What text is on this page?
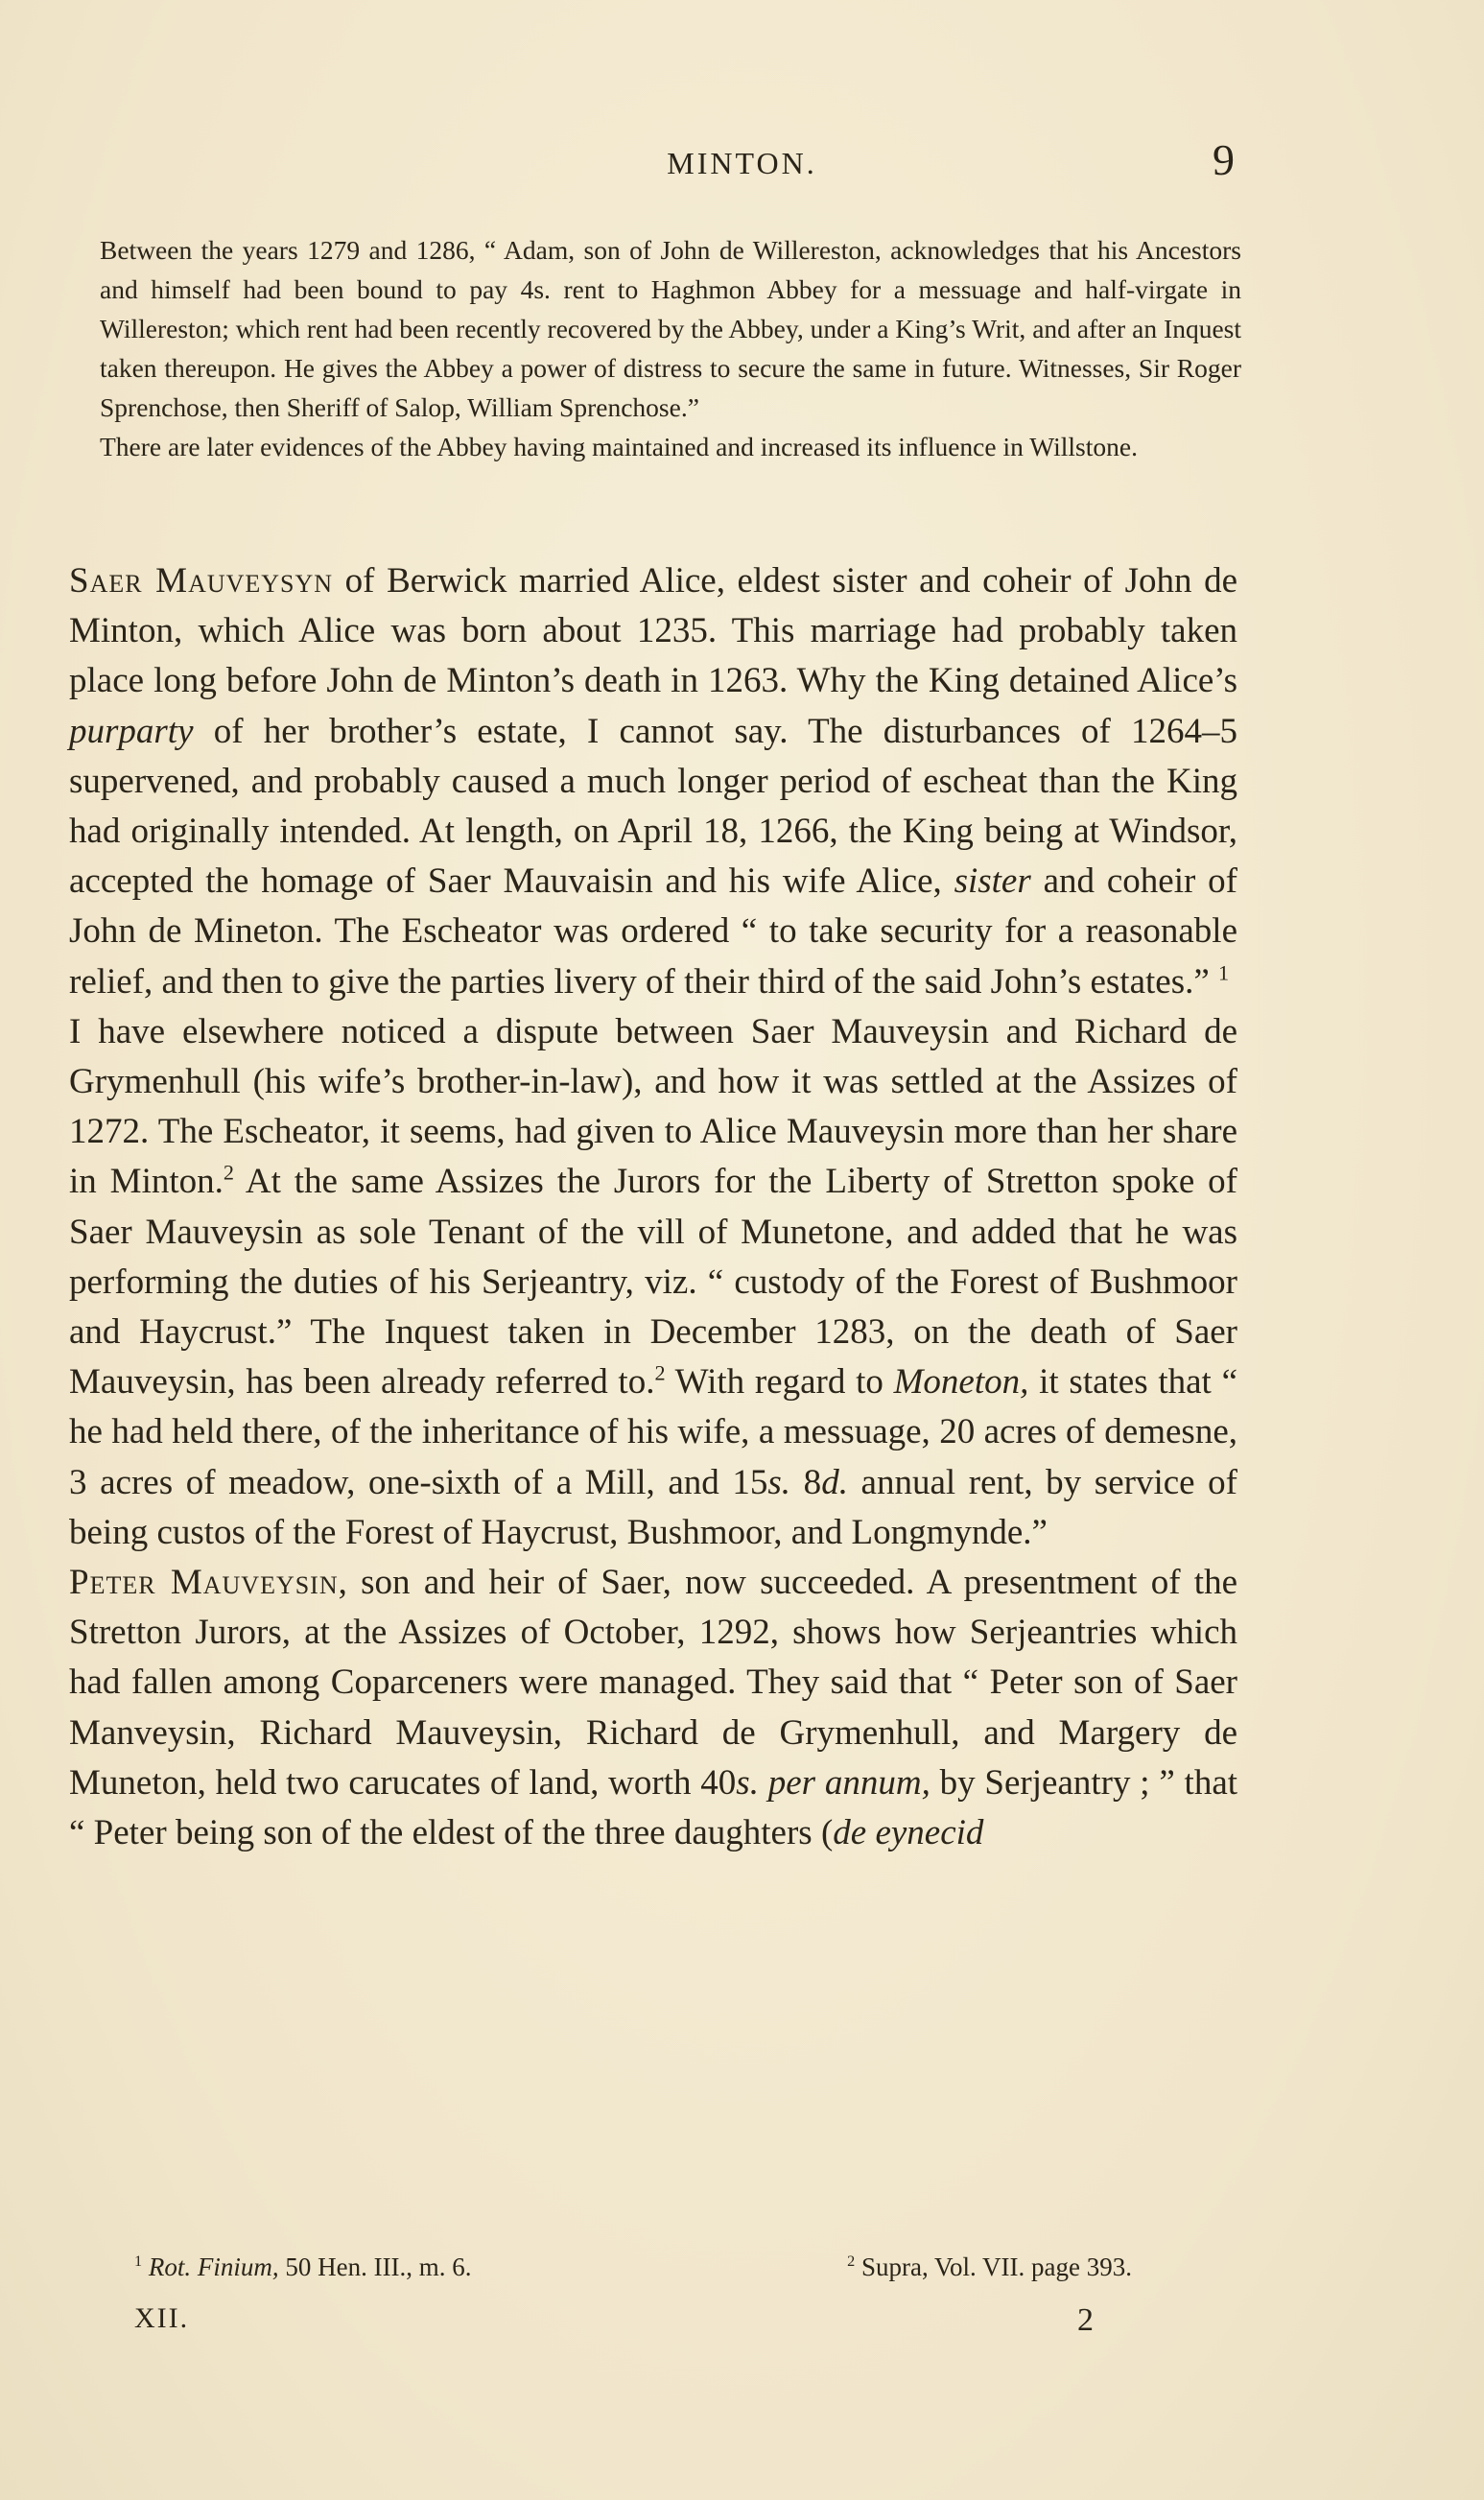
MINTON.	9

Between the years 1279 and 1286, “ Adam, son of John de Willereston, acknowledges that his Ancestors and himself had been bound to pay 4s. rent to Haghmon Abbey for a messuage and half-virgate in Willereston; which rent had been recently recovered by the Abbey, under a King’s Writ, and after an Inquest taken thereupon. He gives the Abbey a power of distress to secure the same in future. Witnesses, Sir Roger Sprenchose, then Sheriff of Salop, William Sprenchose.”

There are later evidences of the Abbey having maintained and increased its influence in Willstone.

Saer Mauveysyn of Berwick married Alice, eldest sister and coheir of John de Minton, which Alice was born about 1235. This marriage had probably taken place long before John de Minton’s death in 1263. Why the King detained Alice’s purparty of her brother’s estate, I cannot say. The disturbances of 1264–5 supervened, and probably caused a much longer period of escheat than the King had originally intended. At length, on April 18, 1266, the King being at Windsor, accepted the homage of Saer Mauvaisin and his wife Alice, sister and coheir of John de Mineton. The Escheator was ordered “ to take security for a reasonable relief, and then to give the parties livery of their third of the said John’s estates.” $^1$

I have elsewhere noticed a dispute between Saer Mauveysin and Richard de Grymenhull (his wife’s brother-in-law), and how it was settled at the Assizes of 1272. The Escheator, it seems, had given to Alice Mauveysin more than her share in Minton.$^2$ At the same Assizes the Jurors for the Liberty of Stretton spoke of Saer Mauveysin as sole Tenant of the vill of Munetone, and added that he was performing the duties of his Serjeantry, viz. “ custody of the Forest of Bushmoor and Haycrust.” The Inquest taken in December 1283, on the death of Saer Mauveysin, has been already referred to.$^2$ With regard to Moneton, it states that “ he had held there, of the inheritance of his wife, a messuage, 20 acres of demesne, 3 acres of meadow, one-sixth of a Mill, and 15s. 8d. annual rent, by service of being custos of the Forest of Haycrust, Bushmoor, and Longmynde.”

Peter Mauveysin, son and heir of Saer, now succeeded. A presentment of the Stretton Jurors, at the Assizes of October, 1292, shows how Serjeantries which had fallen among Coparceners were managed. They said that “ Peter son of Saer Manveysin, Richard Mauveysin, Richard de Grymenhull, and Margery de Muneton, held two carucates of land, worth 40s. per annum, by Serjeantry ; ” that “ Peter being son of the eldest of the three daughters (de eynecid

$^1$ Rot. Finium, 50 Hen. III., m. 6.	$^2$ Supra, Vol. VII. page 393.
XII.	2
